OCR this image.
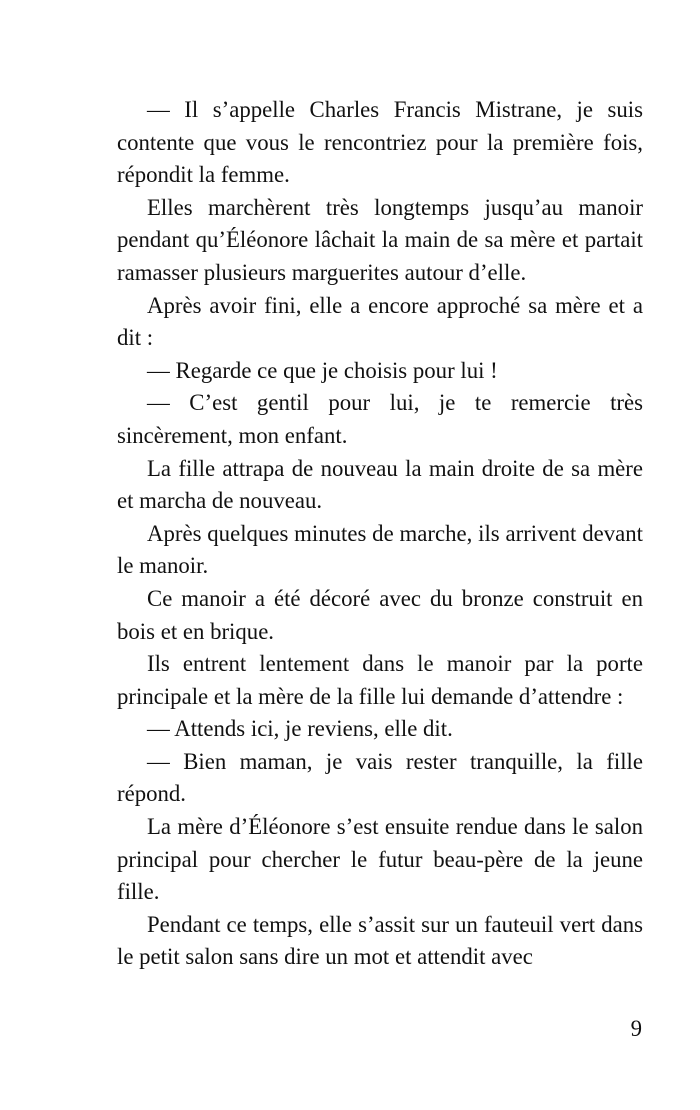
— Il s’appelle Charles Francis Mistrane, je suis contente que vous le rencontriez pour la première fois, répondit la femme.

Elles marchèrent très longtemps jusqu’au manoir pendant qu’Éléonore lâchait la main de sa mère et partait ramasser plusieurs marguerites autour d’elle.

Après avoir fini, elle a encore approché sa mère et a dit :

— Regarde ce que je choisis pour lui !

— C’est gentil pour lui, je te remercie très sincèrement, mon enfant.

La fille attrapa de nouveau la main droite de sa mère et marcha de nouveau.

Après quelques minutes de marche, ils arrivent devant le manoir.

Ce manoir a été décoré avec du bronze construit en bois et en brique.

Ils entrent lentement dans le manoir par la porte principale et la mère de la fille lui demande d’attendre :

— Attends ici, je reviens, elle dit.

— Bien maman, je vais rester tranquille, la fille répond.

La mère d’Éléonore s’est ensuite rendue dans le salon principal pour chercher le futur beau-père de la jeune fille.

Pendant ce temps, elle s’assit sur un fauteuil vert dans le petit salon sans dire un mot et attendit avec

9
